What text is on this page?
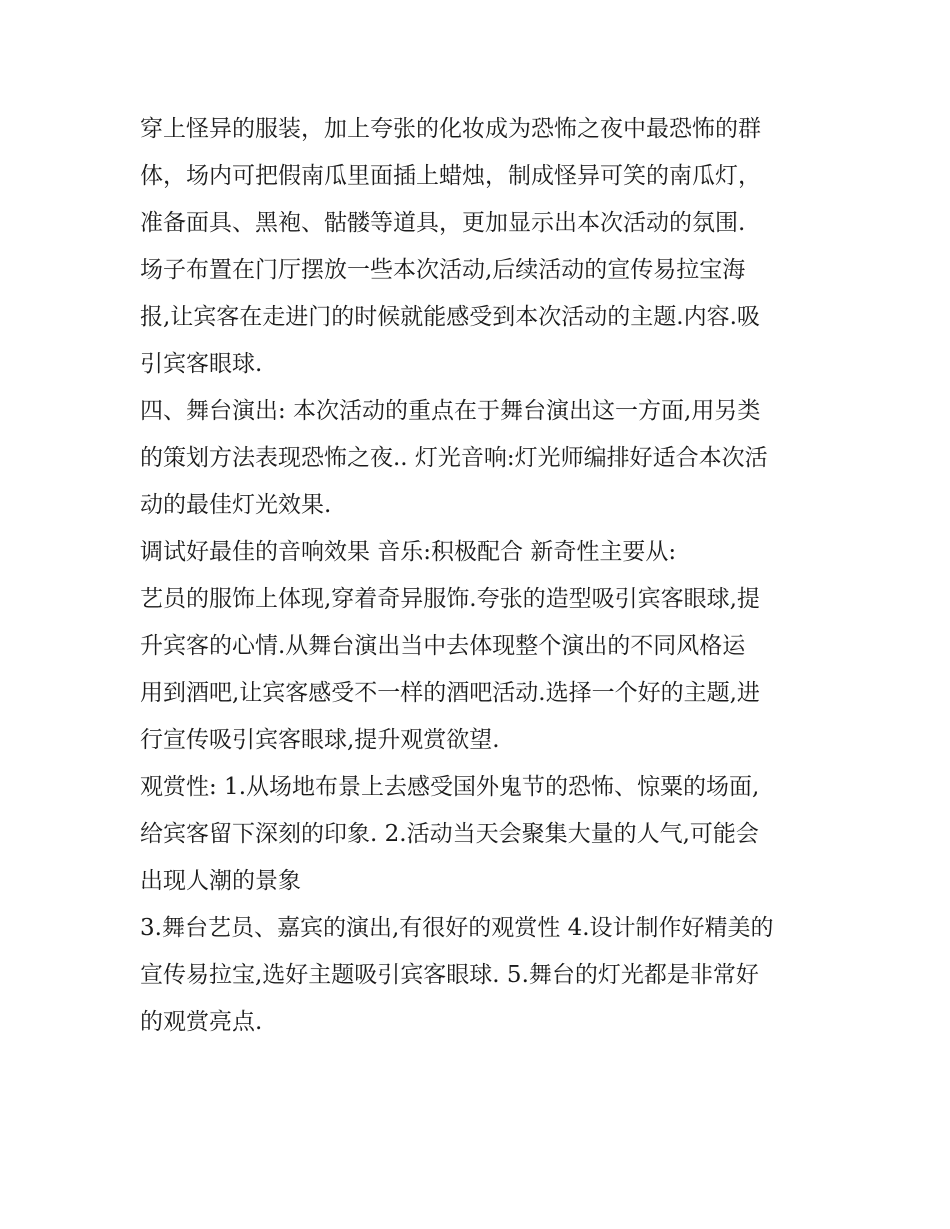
穿上怪异的服装，加上夸张的化妆成为恐怖之夜中最恐怖的群
体，场内可把假南瓜里面插上蜡烛，制成怪异可笑的南瓜灯，
准备面具、黑袍、骷髅等道具，更加显示出本次活动的氛围.
场子布置在门厅摆放一些本次活动,后续活动的宣传易拉宝海
报,让宾客在走进门的时候就能感受到本次活动的主题.内容.吸
引宾客眼球.
四、舞台演出: 本次活动的重点在于舞台演出这一方面,用另类
的策划方法表现恐怖之夜.. 灯光音响:灯光师编排好适合本次活
动的最佳灯光效果.
调试好最佳的音响效果 音乐:积极配合 新奇性主要从:
艺员的服饰上体现,穿着奇异服饰.夸张的造型吸引宾客眼球,提
升宾客的心情.从舞台演出当中去体现整个演出的不同风格运
用到酒吧,让宾客感受不一样的酒吧活动.选择一个好的主题,进
行宣传吸引宾客眼球,提升观赏欲望.
观赏性: 1.从场地布景上去感受国外鬼节的恐怖、惊粟的场面,
给宾客留下深刻的印象. 2.活动当天会聚集大量的人气,可能会
出现人潮的景象
3.舞台艺员、嘉宾的演出,有很好的观赏性 4.设计制作好精美的
宣传易拉宝,选好主题吸引宾客眼球. 5.舞台的灯光都是非常好
的观赏亮点.
